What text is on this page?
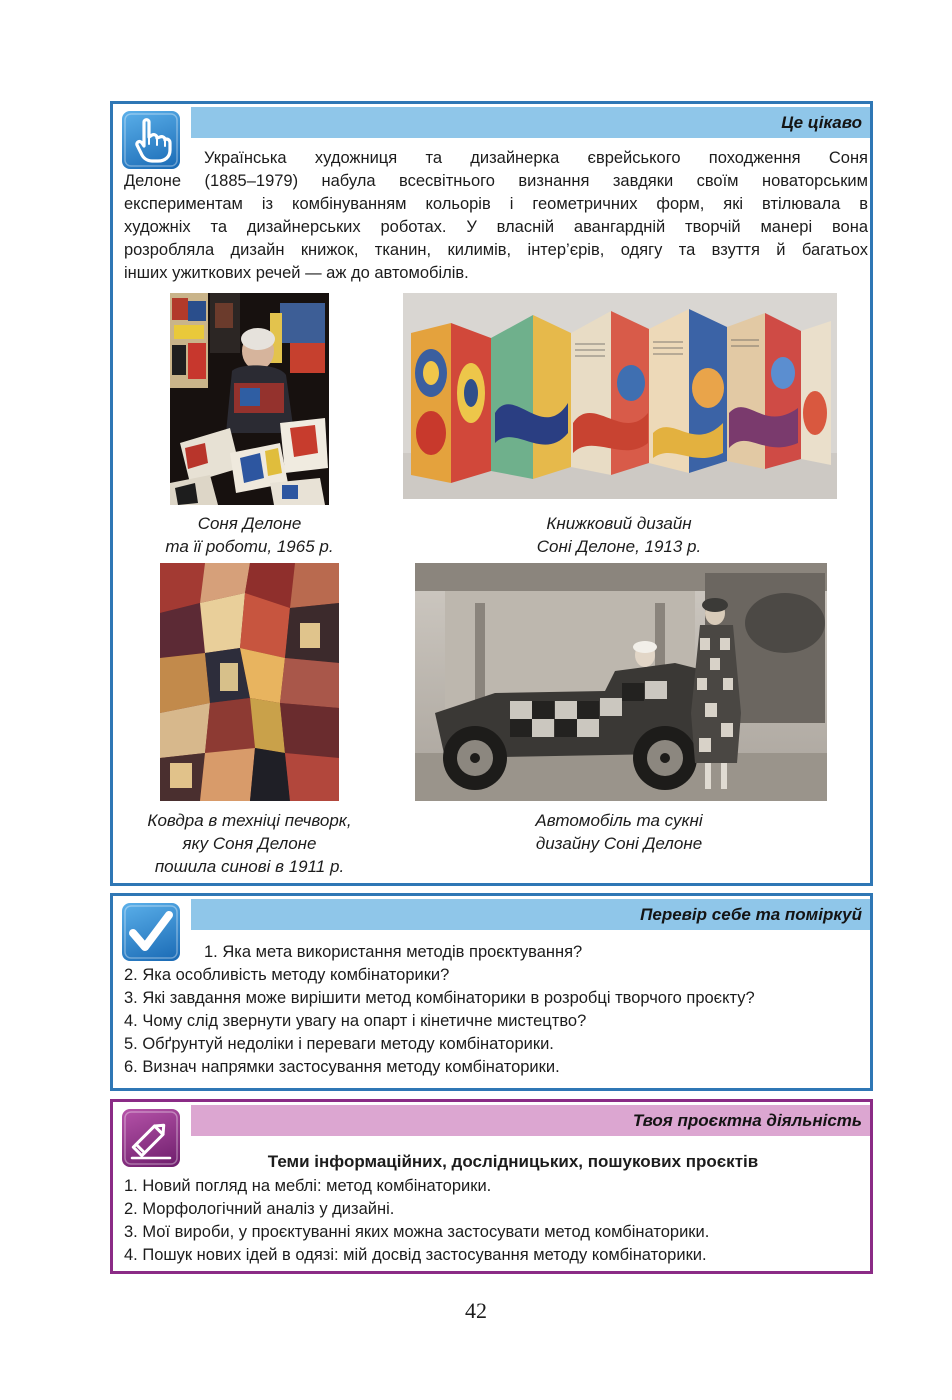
Це цікаво
Українська художниця та дизайнерка єврейського походження Соня
Делоне (1885–1979) набула всесвітнього визнання завдяки своїм новаторським
експериментам із комбінуванням кольорів і геометричних форм, які втілювала в
художніх та дизайнерських роботах. У власній авангардній творчій манері вона
розробляла дизайн книжок, тканин, килимів, інтер’єрів, одягу та взуття й багатьох
інших ужиткових речей — аж до автомобілів.
Соня Делоне
та її роботи, 1965 р.
Книжковий дизайн
Соні Делоне, 1913 р.
Ковдра в техніці печворк,
яку Соня Делоне
пошила синові в 1911 р.
Автомобіль та сукні
дизайну Соні Делоне
Перевір себе та поміркуй
1. Яка мета використання методів проєктування?
2. Яка особливість методу комбінаторики?
3. Які завдання може вирішити метод комбінаторики в розробці творчого проєкту?
4. Чому слід звернути увагу на опарт і кінетичне мистецтво?
5. Обґрунтуй недоліки і переваги методу комбінаторики.
6. Визнач напрямки застосування методу комбінаторики.
Твоя проєктна діяльність
Теми інформаційних, дослідницьких, пошукових проєктів
1. Новий погляд на меблі: метод комбінаторики.
2. Морфологічний аналіз у дизайні.
3. Мої вироби, у проєктуванні яких можна застосувати метод комбінаторики.
4. Пошук нових ідей в одязі: мій досвід застосування методу комбінаторики.
42
